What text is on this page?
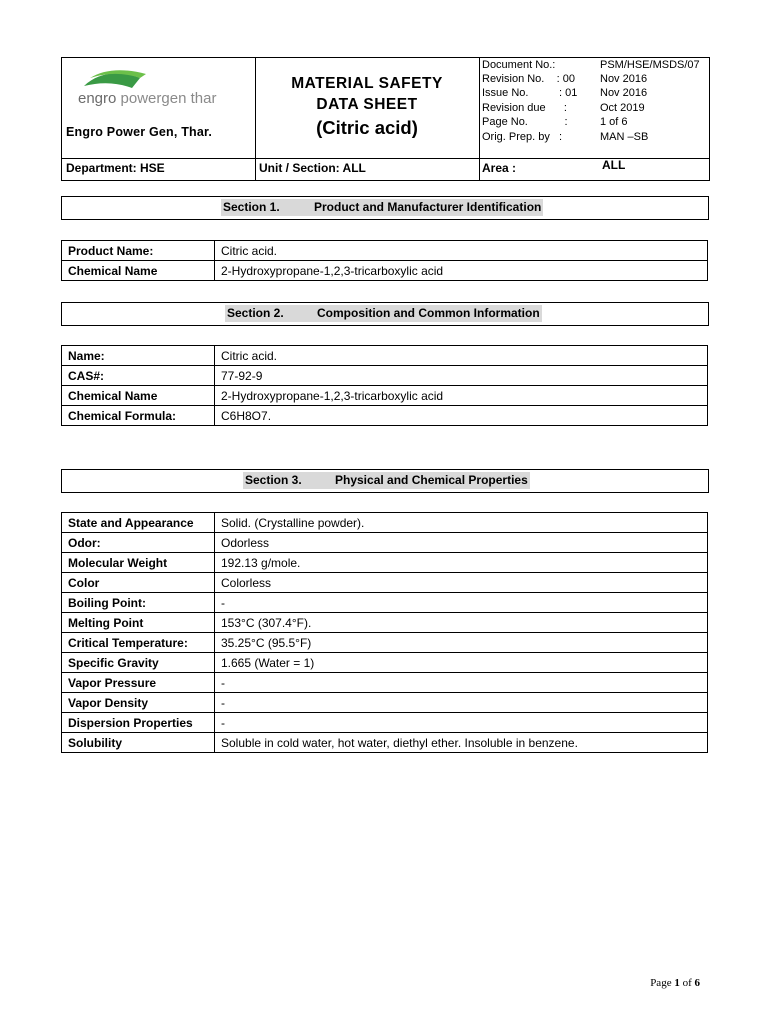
engro powergen thar
Engro Power Gen, Thar.
MATERIAL SAFETY
DATA SHEET
(Citric acid)
Document No.:	PSM/HSE/MSDS/07
Revision No.    : 00 Nov 2016
Issue No.          : 01 Nov 2016
Revision due      :	Oct 2019
Page No.            :	1 of 6
Orig. Prep. by   :	MAN –SB
Department: HSE	Unit / Section: ALL	Area :	ALL
Section 1.	Product and Manufacturer Identification
Product Name:	Citric acid.
Chemical Name	2-Hydroxypropane-1,2,3-tricarboxylic acid
Section 2.	Composition and Common Information
Name:	Citric acid.
CAS#:	77-92-9
Chemical Name	2-Hydroxypropane-1,2,3-tricarboxylic acid
Chemical Formula:	C6H8O7.
Section 3.	Physical and Chemical Properties
State and Appearance	Solid. (Crystalline powder).
Odor:	Odorless
Molecular Weight	192.13 g/mole.
Color	Colorless
Boiling Point:	-
Melting Point	153°C (307.4°F).
Critical Temperature:	35.25°C (95.5°F)
Specific Gravity	1.665 (Water = 1)
Vapor Pressure	-
Vapor Density	-
Dispersion Properties	-
Solubility	Soluble in cold water, hot water, diethyl ether. Insoluble in benzene.
Page 1 of 6
